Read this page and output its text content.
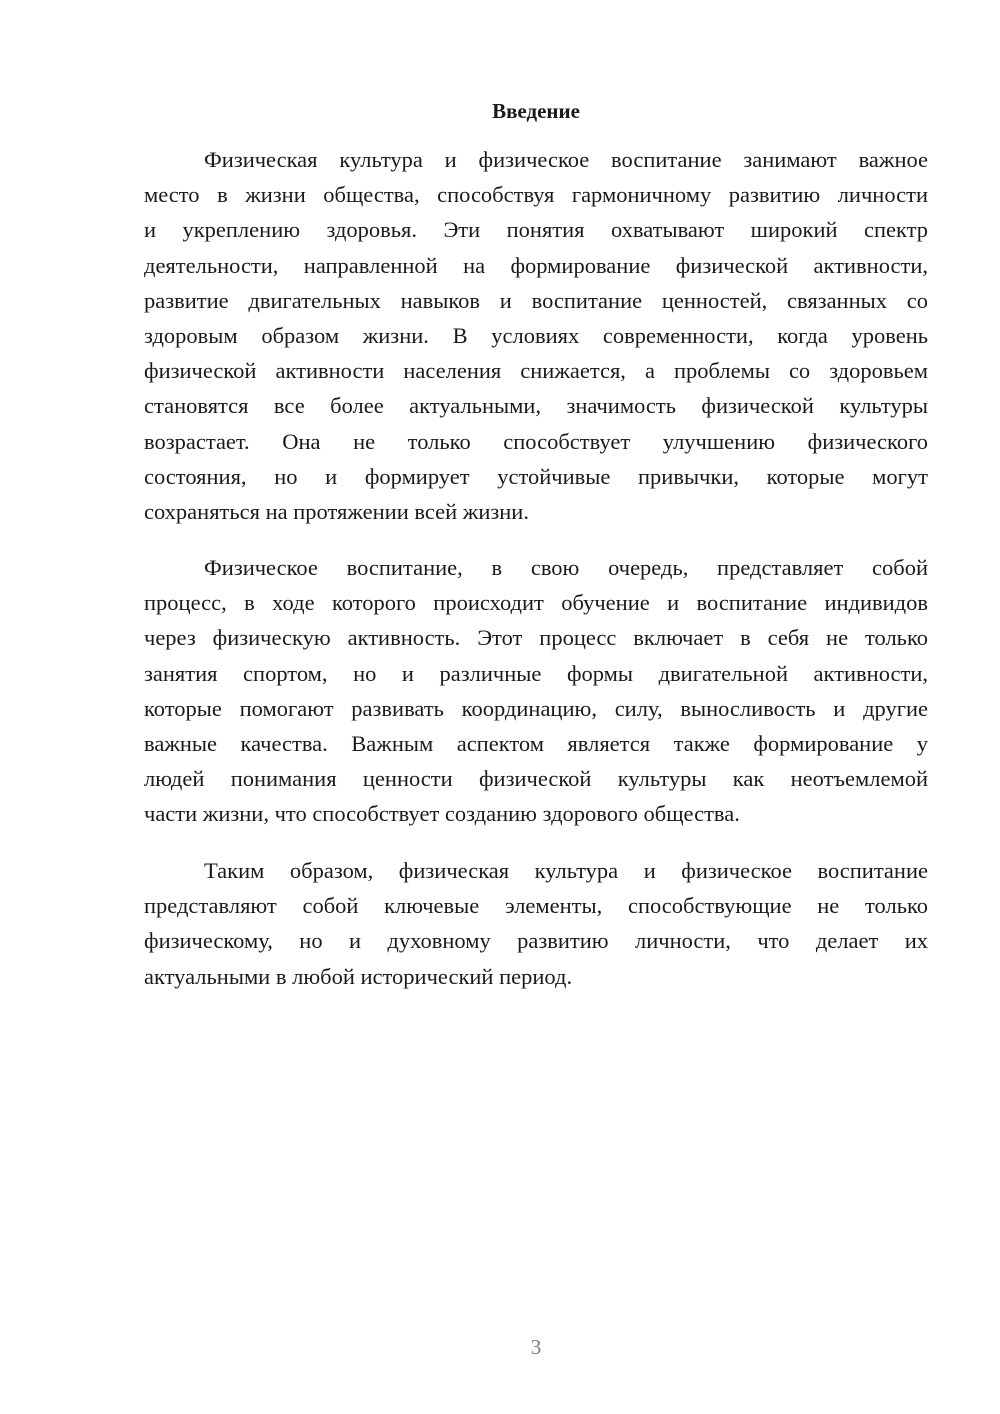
Введение
Физическая культура и физическое воспитание занимают важное
место в жизни общества, способствуя гармоничному развитию личности
и укреплению здоровья. Эти понятия охватывают широкий спектр
деятельности, направленной на формирование физической активности,
развитие двигательных навыков и воспитание ценностей, связанных со
здоровым образом жизни. В условиях современности, когда уровень
физической активности населения снижается, а проблемы со здоровьем
становятся все более актуальными, значимость физической культуры
возрастает. Она не только способствует улучшению физического
состояния, но и формирует устойчивые привычки, которые могут
сохраняться на протяжении всей жизни.
Физическое воспитание, в свою очередь, представляет собой
процесс, в ходе которого происходит обучение и воспитание индивидов
через физическую активность. Этот процесс включает в себя не только
занятия спортом, но и различные формы двигательной активности,
которые помогают развивать координацию, силу, выносливость и другие
важные качества. Важным аспектом является также формирование у
людей понимания ценности физической культуры как неотъемлемой
части жизни, что способствует созданию здорового общества.
Таким образом, физическая культура и физическое воспитание
представляют собой ключевые элементы, способствующие не только
физическому, но и духовному развитию личности, что делает их
актуальными в любой исторический период.
3
